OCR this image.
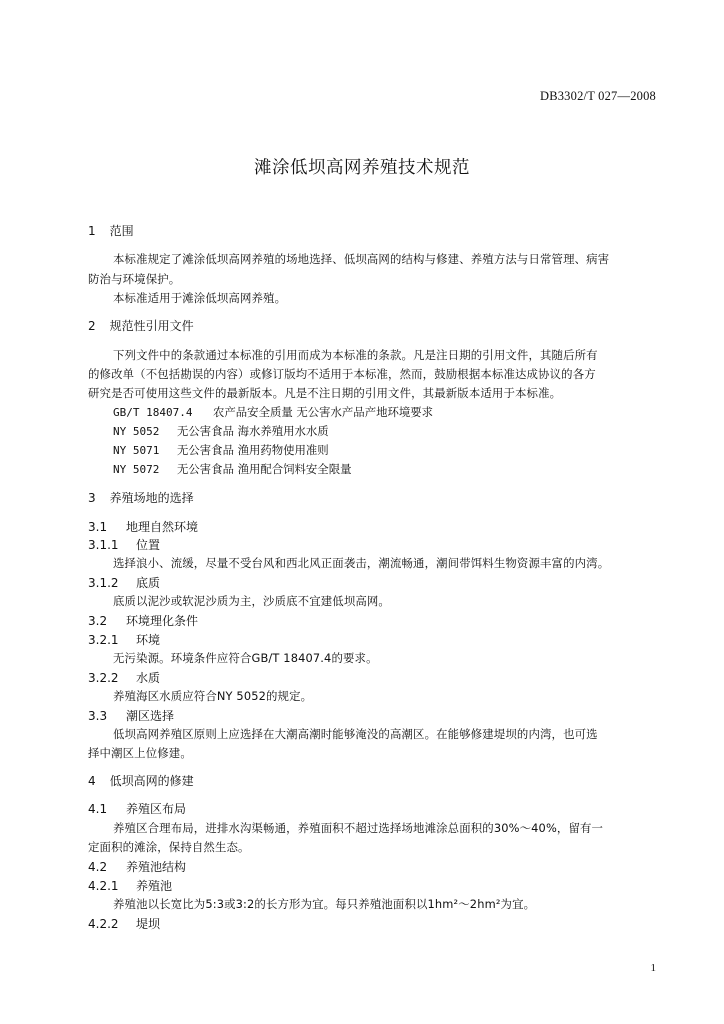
DB3302/T 027—2008
滩涂低坝高网养殖技术规范
1 范围
本标准规定了滩涂低坝高网养殖的场地选择、低坝高网的结构与修建、养殖方法与日常管理、病害
防治与环境保护。
本标准适用于滩涂低坝高网养殖。
2 规范性引用文件
下列文件中的条款通过本标准的引用而成为本标准的条款。凡是注日期的引用文件，其随后所有
的修改单（不包括勘误的内容）或修订版均不适用于本标准，然而，鼓励根据本标准达成协议的各方
研究是否可使用这些文件的最新版本。凡是不注日期的引用文件，其最新版本适用于本标准。
GB/T 18407.4 农产品安全质量 无公害水产品产地环境要求
NY 5052 无公害食品 海水养殖用水水质
NY 5071 无公害食品 渔用药物使用准则
NY 5072 无公害食品 渔用配合饲料安全限量
3 养殖场地的选择
3.1 地理自然环境
3.1.1 位置
选择浪小、流缓，尽量不受台风和西北风正面袭击，潮流畅通，潮间带饵料生物资源丰富的内湾。
3.1.2 底质
底质以泥沙或软泥沙质为主，沙质底不宜建低坝高网。
3.2 环境理化条件
3.2.1 环境
无污染源。环境条件应符合GB/T 18407.4的要求。
3.2.2 水质
养殖海区水质应符合NY 5052的规定。
3.3 潮区选择
低坝高网养殖区原则上应选择在大潮高潮时能够淹没的高潮区。在能够修建堤坝的内湾，也可选
择中潮区上位修建。
4 低坝高网的修建
4.1 养殖区布局
养殖区合理布局，进排水沟渠畅通，养殖面积不超过选择场地滩涂总面积的30%～40%，留有一
定面积的滩涂，保持自然生态。
4.2 养殖池结构
4.2.1 养殖池
养殖池以长宽比为5:3或3:2的长方形为宜。每只养殖池面积以1hm²～2hm²为宜。
4.2.2 堤坝
1
